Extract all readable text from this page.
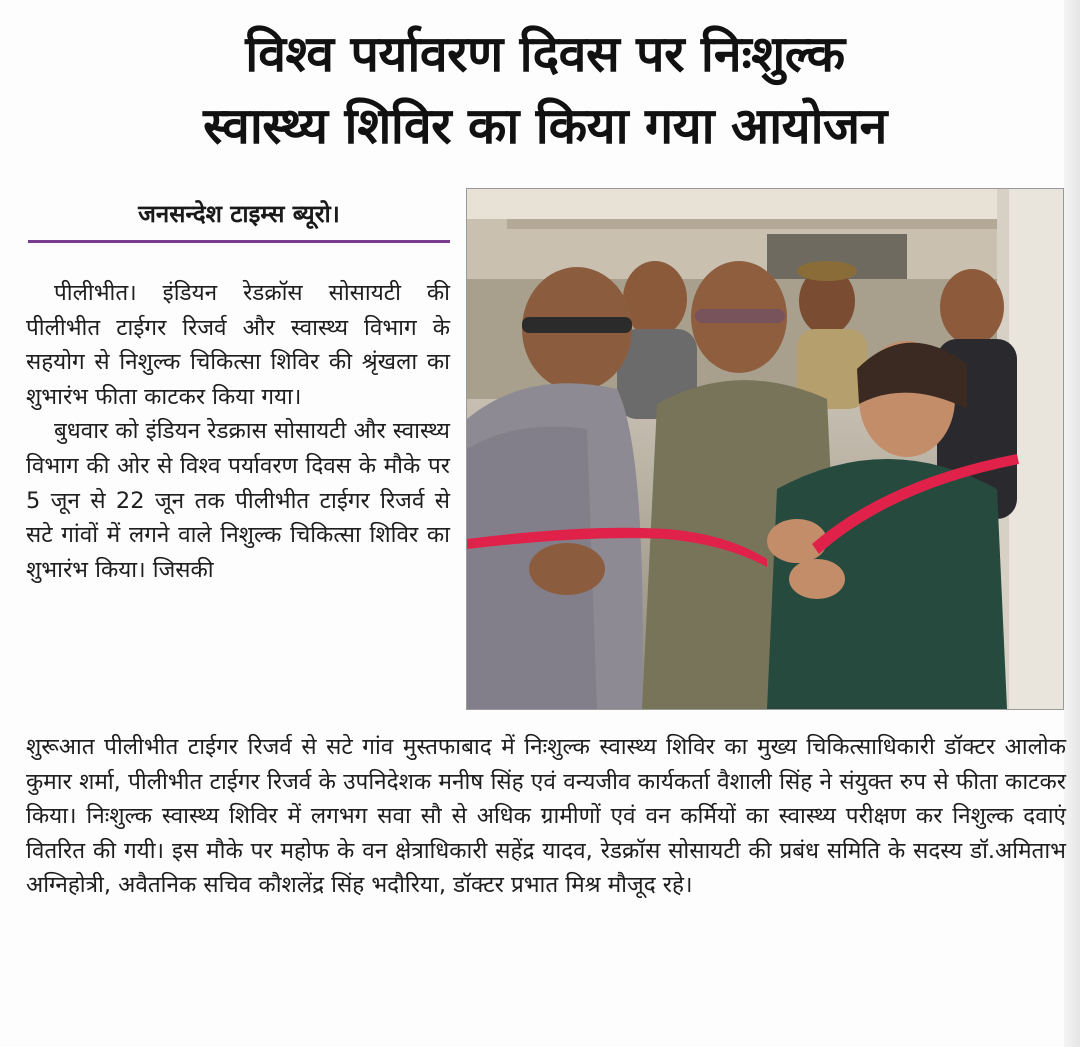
विश्व पर्यावरण दिवस पर निःशुल्क
स्वास्थ्य शिविर का किया गया आयोजन
जनसन्देश टाइम्स ब्यूरो।

पीलीभीत। इंडियन रेडक्रॉस सोसायटी की पीलीभीत टाईगर रिजर्व और स्वास्थ्य विभाग के सहयोग से निशुल्क चिकित्सा शिविर की श्रृंखला का शुभारंभ फीता काटकर किया गया।

बुधवार को इंडियन रेडक्रास सोसायटी और स्वास्थ्य विभाग की ओर से विश्व पर्यावरण दिवस के मौके पर 5 जून से 22 जून तक पीलीभीत टाईगर रिजर्व से सटे गांवों में लगने वाले निशुल्क चिकित्सा शिविर का शुभारंभ किया। जिसकी

शुरूआत पीलीभीत टाईगर रिजर्व से सटे गांव मुस्तफाबाद में निःशुल्क स्वास्थ्य शिविर का मुख्य चिकित्साधिकारी डॉक्टर आलोक कुमार शर्मा, पीलीभीत टाईगर रिजर्व के उपनिदेशक मनीष सिंह एवं वन्यजीव कार्यकर्ता वैशाली सिंह ने संयुक्त रुप से फीता काटकर किया। निःशुल्क स्वास्थ्य शिविर में लगभग सवा सौ से अधिक ग्रामीणों एवं वन कर्मियों का स्वास्थ्य परीक्षण कर निशुल्क दवाएं वितरित की गयी। इस मौके पर महोफ के वन क्षेत्राधिकारी सहेंद्र यादव, रेडक्रॉस सोसायटी की प्रबंध समिति के सदस्य डॉ.अमिताभ अग्निहोत्री, अवैतनिक सचिव कौशलेंद्र सिंह भदौरिया, डॉक्टर प्रभात मिश्र मौजूद रहे।
